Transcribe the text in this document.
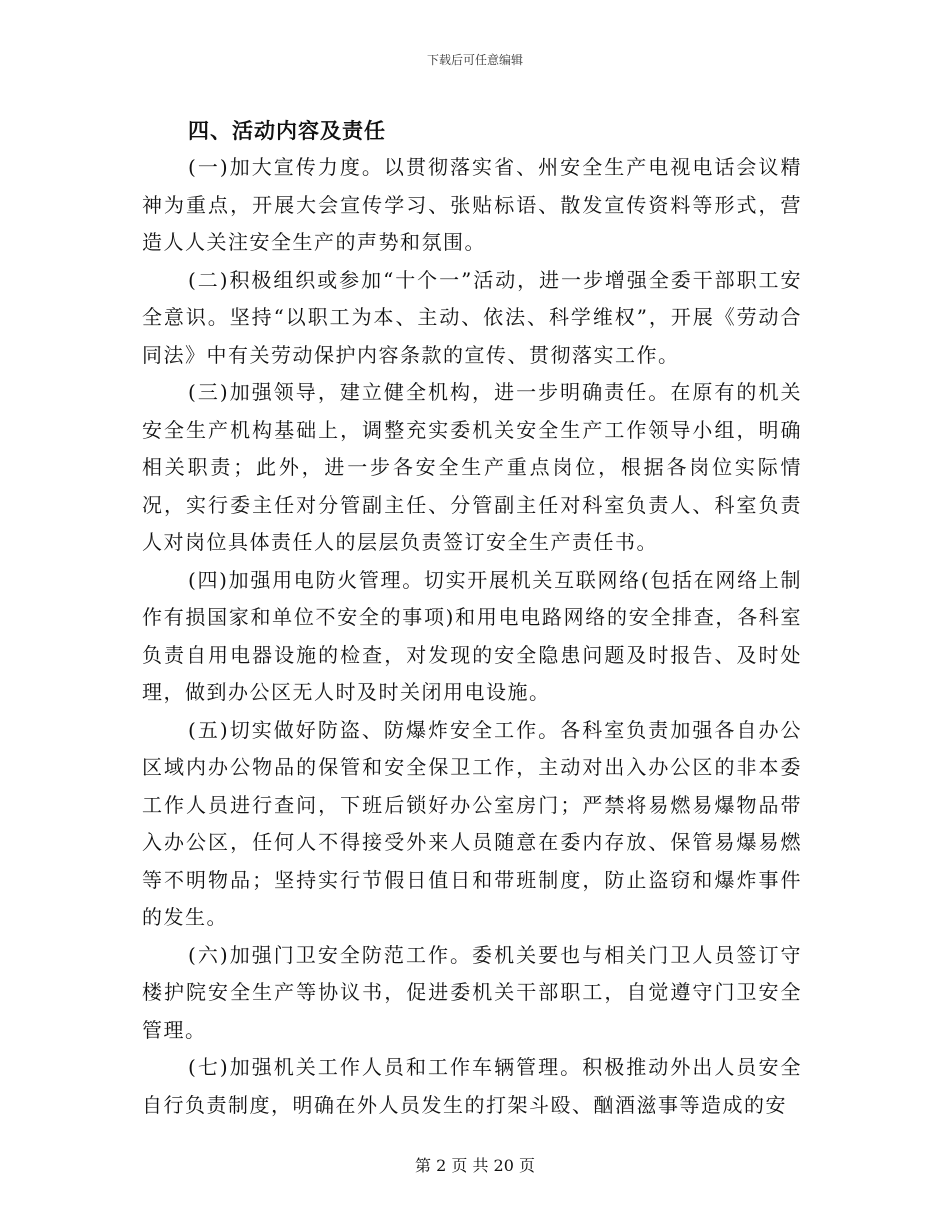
下载后可任意编辑
四、活动内容及责任

(一)加大宣传力度。以贯彻落实省、州安全生产电视电话会议精神为重点，开展大会宣传学习、张贴标语、散发宣传资料等形式，营造人人关注安全生产的声势和氛围。

(二)积极组织或参加“十个一”活动，进一步增强全委干部职工安全意识。坚持“以职工为本、主动、依法、科学维权”，开展《劳动合同法》中有关劳动保护内容条款的宣传、贯彻落实工作。

(三)加强领导，建立健全机构，进一步明确责任。在原有的机关安全生产机构基础上，调整充实委机关安全生产工作领导小组，明确相关职责；此外，进一步各安全生产重点岗位，根据各岗位实际情况，实行委主任对分管副主任、分管副主任对科室负责人、科室负责人对岗位具体责任人的层层负责签订安全生产责任书。

(四)加强用电防火管理。切实开展机关互联网络(包括在网络上制作有损国家和单位不安全的事项)和用电电路网络的安全排查，各科室负责自用电器设施的检查，对发现的安全隐患问题及时报告、及时处理，做到办公区无人时及时关闭用电设施。

(五)切实做好防盗、防爆炸安全工作。各科室负责加强各自办公区域内办公物品的保管和安全保卫工作，主动对出入办公区的非本委工作人员进行查问，下班后锁好办公室房门；严禁将易燃易爆物品带入办公区，任何人不得接受外来人员随意在委内存放、保管易爆易燃等不明物品；坚持实行节假日值日和带班制度，防止盗窃和爆炸事件的发生。

(六)加强门卫安全防范工作。委机关要也与相关门卫人员签订守楼护院安全生产等协议书，促进委机关干部职工，自觉遵守门卫安全管理。

(七)加强机关工作人员和工作车辆管理。积极推动外出人员安全自行负责制度，明确在外人员发生的打架斗殴、酗酒滋事等造成的安

第 2 页 共 20 页
